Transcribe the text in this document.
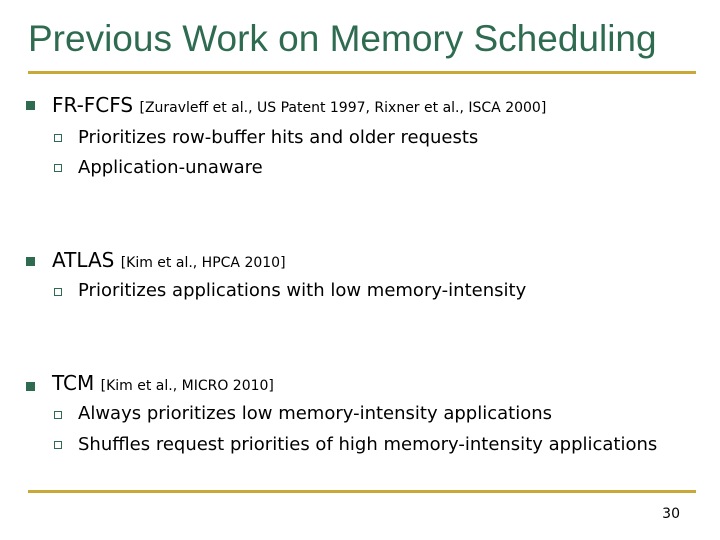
FR-FCFS [Zuravleff et al., US Patent 1997, Rixner et al., ISCA 2000]
Prioritizes row-buffer hits and older requests
Application-unaware
ATLAS [Kim et al., HPCA 2010]
Prioritizes applications with low memory-intensity
TCM [Kim et al., MICRO 2010]
Always prioritizes low memory-intensity applications
Shuffles request priorities of high memory-intensity applications
Previous Work on Memory Scheduling
30
